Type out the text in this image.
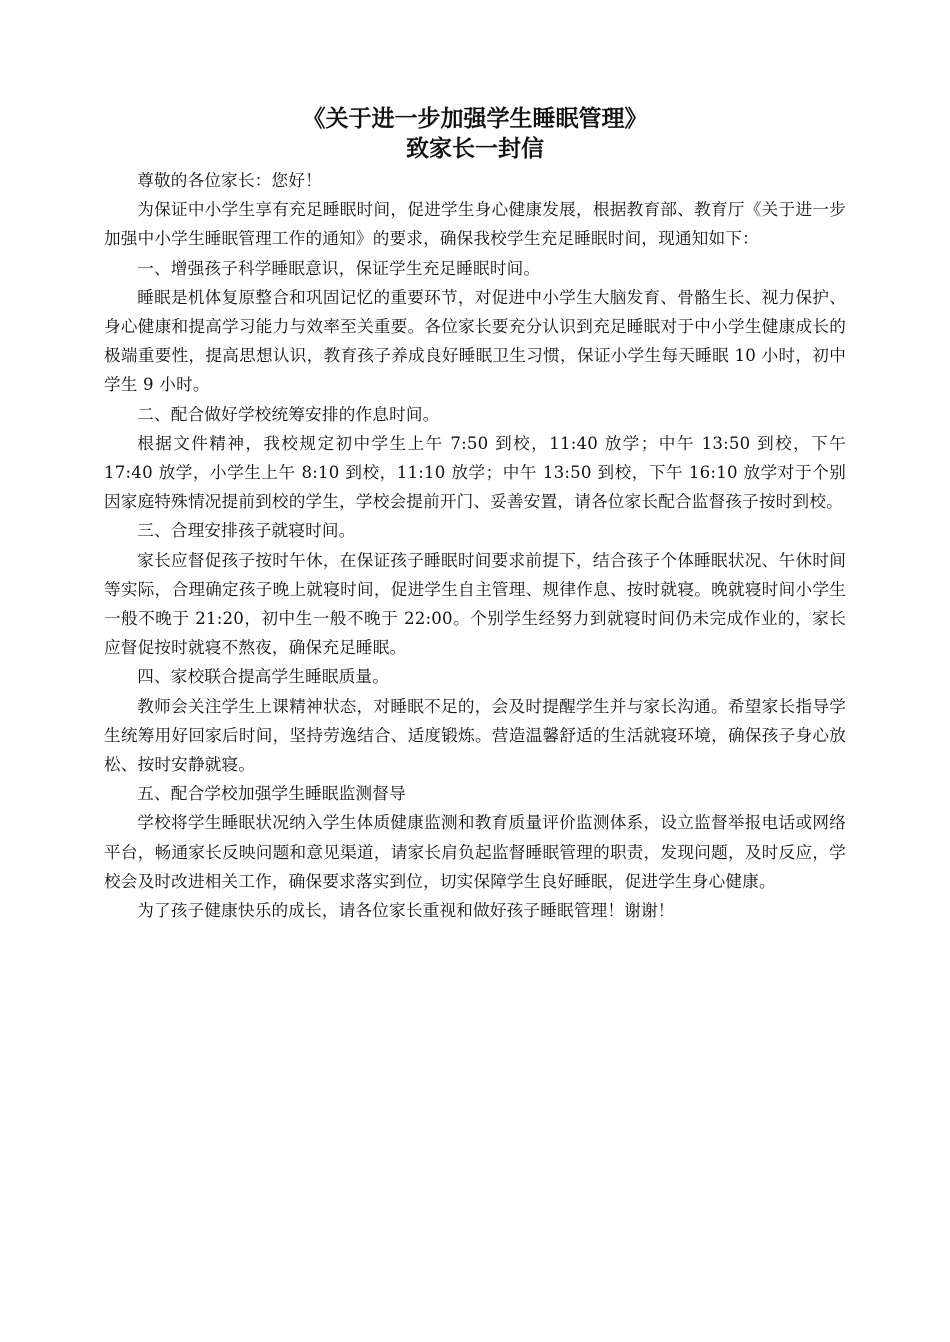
《关于进一步加强学生睡眠管理》
致家长一封信

尊敬的各位家长：您好！

为保证中小学生享有充足睡眠时间，促进学生身心健康发展，根据教育部、教育厅《关于进一步加强中小学生睡眠管理工作的通知》的要求，确保我校学生充足睡眠时间，现通知如下：

一、增强孩子科学睡眠意识，保证学生充足睡眠时间。

睡眠是机体复原整合和巩固记忆的重要环节，对促进中小学生大脑发育、骨骼生长、视力保护、身心健康和提高学习能力与效率至关重要。各位家长要充分认识到充足睡眠对于中小学生健康成长的极端重要性，提高思想认识，教育孩子养成良好睡眠卫生习惯，保证小学生每天睡眠 10 小时，初中学生 9 小时。

二、配合做好学校统筹安排的作息时间。

根据文件精神，我校规定初中学生上午 7:50 到校，11:40 放学；中午 13:50 到校，下午 17:40 放学，小学生上午 8:10 到校，11:10 放学；中午 13:50 到校，下午 16:10 放学对于个别因家庭特殊情况提前到校的学生，学校会提前开门、妥善安置，请各位家长配合监督孩子按时到校。

三、合理安排孩子就寝时间。

家长应督促孩子按时午休，在保证孩子睡眠时间要求前提下，结合孩子个体睡眠状况、午休时间等实际，合理确定孩子晚上就寝时间，促进学生自主管理、规律作息、按时就寝。晚就寝时间小学生一般不晚于 21:20，初中生一般不晚于 22:00。个别学生经努力到就寝时间仍未完成作业的，家长应督促按时就寝不熬夜，确保充足睡眠。

四、家校联合提高学生睡眠质量。

教师会关注学生上课精神状态，对睡眠不足的，会及时提醒学生并与家长沟通。希望家长指导学生统筹用好回家后时间，坚持劳逸结合、适度锻炼。营造温馨舒适的生活就寝环境，确保孩子身心放松、按时安静就寝。

五、配合学校加强学生睡眠监测督导

学校将学生睡眠状况纳入学生体质健康监测和教育质量评价监测体系，设立监督举报电话或网络平台，畅通家长反映问题和意见渠道，请家长肩负起监督睡眠管理的职责，发现问题，及时反应，学校会及时改进相关工作，确保要求落实到位，切实保障学生良好睡眠，促进学生身心健康。

为了孩子健康快乐的成长，请各位家长重视和做好孩子睡眠管理！谢谢！
